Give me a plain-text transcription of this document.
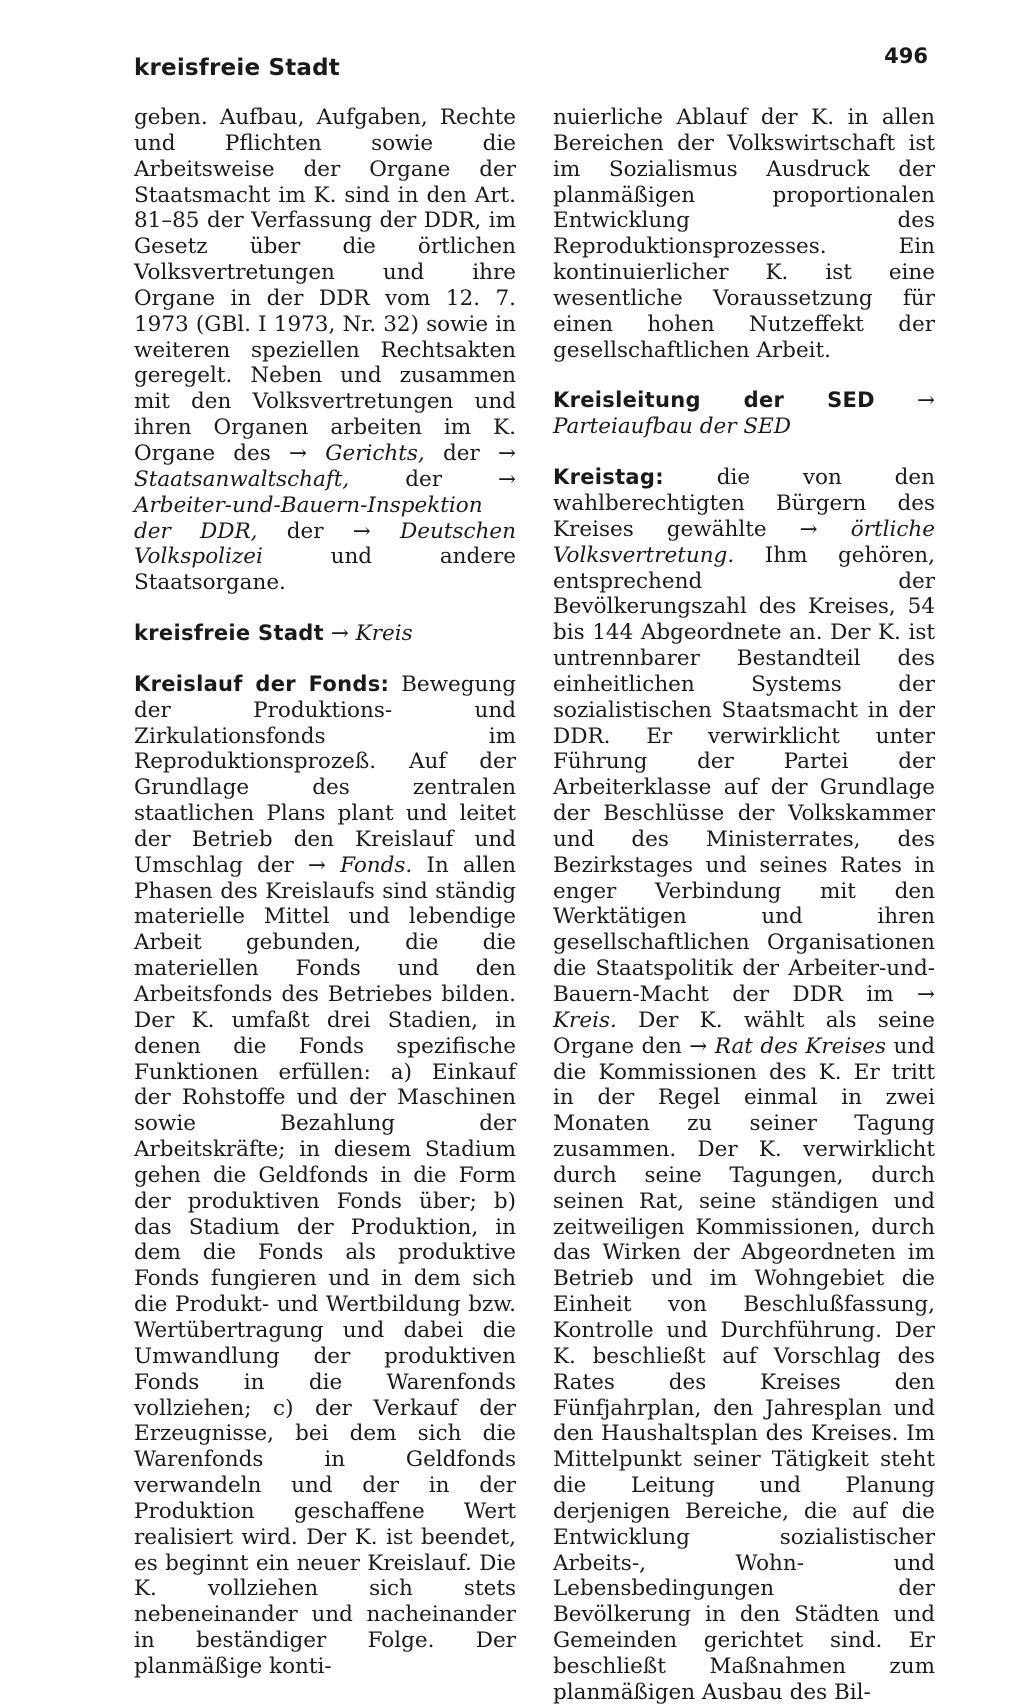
kreisfreie Stadt	496

geben. Aufbau, Aufgaben, Rechte und Pflichten sowie die Arbeitsweise der Organe der Staatsmacht im K. sind in den Art. 81–85 der Verfassung der DDR, im Gesetz über die örtlichen Volksvertretungen und ihre Organe in der DDR vom 12. 7. 1973 (GBl. I 1973, Nr. 32) sowie in weiteren speziellen Rechtsakten geregelt. Neben und zusammen mit den Volksvertretungen und ihren Organen arbeiten im K. Organe des → Gerichts, der → Staatsanwaltschaft,	der	→ Arbeiter-und-Bauern-Inspektion der DDR, der → Deutschen Volkspolizei	und andere Staatsorgane.

kreisfreie Stadt → Kreis

Kreislauf der Fonds: Bewegung der Produktions- und Zirkulationsfonds im Reproduktionsprozeß. Auf der Grundlage des zentralen staatlichen Plans plant und leitet der Betrieb den Kreislauf und Umschlag der → Fonds. In allen Phasen des Kreislaufs sind ständig materielle Mittel und lebendige Arbeit gebunden, die die materiellen Fonds und den Arbeitsfonds des Betriebes bilden. Der K. umfaßt drei Stadien, in denen die Fonds spezifische Funktionen erfüllen: a) Einkauf der Rohstoffe und der Maschinen sowie Bezahlung der Arbeitskräfte; in diesem Stadium gehen die Geldfonds in die Form der produktiven Fonds über; b) das Stadium der Produktion, in dem die Fonds als produktive Fonds fungieren und in dem sich die Produkt- und Wertbildung bzw. Wertübertragung und dabei die Umwandlung der produktiven Fonds in die Warenfonds vollziehen; c) der Verkauf der Erzeugnisse, bei dem sich die Warenfonds in Geldfonds verwandeln und der in der Produktion geschaffene Wert realisiert wird. Der K. ist beendet, es beginnt ein neuer Kreislauf. Die K. vollziehen sich stets nebeneinander und nacheinander in beständiger Folge. Der planmäßige konti-

nuierliche Ablauf der K. in allen Bereichen der Volkswirtschaft ist im Sozialismus Ausdruck der planmäßigen proportionalen Entwicklung des Reproduktionsprozesses. Ein kontinuierlicher K. ist eine wesentliche Voraussetzung für einen hohen Nutzeffekt der gesellschaftlichen Arbeit.

Kreisleitung der SED → Parteiaufbau der SED

Kreistag: die von den wahlberechtigten Bürgern des Kreises gewählte → örtliche Volksvertretung. Ihm gehören, entsprechend der Bevölkerungszahl des Kreises, 54 bis 144 Abgeordnete an. Der K. ist untrennbarer Bestandteil des einheitlichen Systems der sozialistischen Staatsmacht in der DDR. Er verwirklicht unter Führung der Partei der Arbeiterklasse auf der Grundlage der Beschlüsse der Volkskammer und des Ministerrates, des Bezirkstages und seines Rates in enger Verbindung mit den Werktätigen und ihren gesellschaftlichen Organisationen die Staatspolitik der Arbeiter-und-Bauern-Macht der DDR im → Kreis. Der K. wählt als seine Organe den → Rat des Kreises und die Kommissionen des K. Er tritt in der Regel einmal in zwei Monaten zu seiner Tagung zusammen. Der K. verwirklicht durch seine Tagungen, durch seinen Rat, seine ständigen und zeitweiligen Kommissionen, durch das Wirken der Abgeordneten im Betrieb und im Wohngebiet die Einheit von Beschlußfassung, Kontrolle und Durchführung. Der K. beschließt auf Vorschlag des Rates des Kreises den Fünfjahrplan, den Jahresplan und den Haushaltsplan des Kreises. Im Mittelpunkt seiner Tätigkeit steht die Leitung und Planung derjenigen Bereiche, die auf die Entwicklung sozialistischer Arbeits-, Wohn- und Lebensbedingungen der Bevölkerung in den Städten und Gemeinden gerichtet sind. Er beschließt Maßnahmen zum planmäßigen Ausbau des Bil-
